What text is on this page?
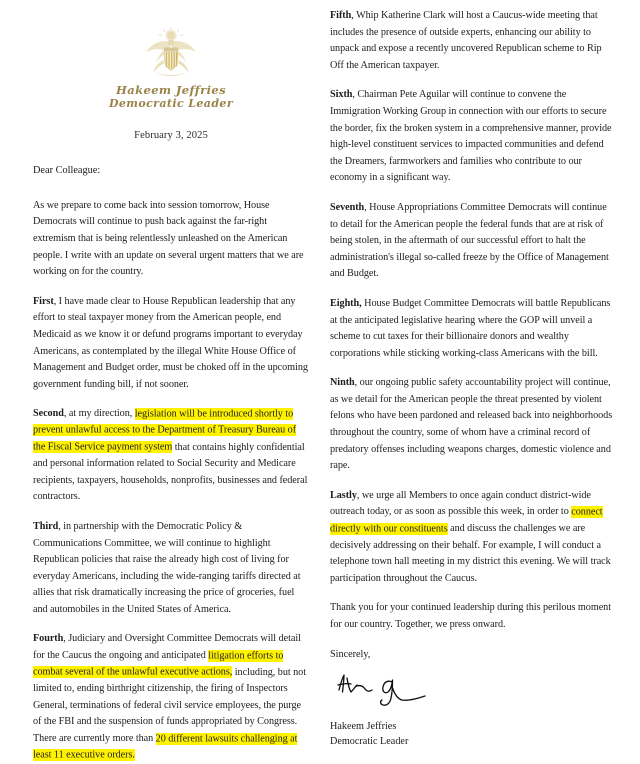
Hakeem Jeffries
Democratic Leader
February 3, 2025
Dear Colleague:

As we prepare to come back into session tomorrow, House Democrats will continue to push back against the far-right extremism that is being relentlessly unleashed on the American people. I write with an update on several urgent matters that we are working on for the country.

First, I have made clear to House Republican leadership that any effort to steal taxpayer money from the American people, end Medicaid as we know it or defund programs important to everyday Americans, as contemplated by the illegal White House Office of Management and Budget order, must be choked off in the upcoming government funding bill, if not sooner.

Second, at my direction, legislation will be introduced shortly to prevent unlawful access to the Department of Treasury Bureau of the Fiscal Service payment system that contains highly confidential and personal information related to Social Security and Medicare recipients, taxpayers, households, nonprofits, businesses and federal contractors.

Third, in partnership with the Democratic Policy & Communications Committee, we will continue to highlight Republican policies that raise the already high cost of living for everyday Americans, including the wide-ranging tariffs directed at allies that risk dramatically increasing the price of groceries, fuel and automobiles in the United States of America.

Fourth, Judiciary and Oversight Committee Democrats will detail for the Caucus the ongoing and anticipated litigation efforts to combat several of the unlawful executive actions, including, but not limited to, ending birthright citizenship, the firing of Inspectors General, terminations of federal civil service employees, the purge of the FBI and the suspension of funds appropriated by Congress. There are currently more than 20 different lawsuits challenging at least 11 executive orders.

Fifth, Whip Katherine Clark will host a Caucus-wide meeting that includes the presence of outside experts, enhancing our ability to unpack and expose a recently uncovered Republican scheme to Rip Off the American taxpayer.

Sixth, Chairman Pete Aguilar will continue to convene the Immigration Working Group in connection with our efforts to secure the border, fix the broken system in a comprehensive manner, provide high-level constituent services to impacted communities and defend the Dreamers, farmworkers and families who contribute to our economy in a significant way.

Seventh, House Appropriations Committee Democrats will continue to detail for the American people the federal funds that are at risk of being stolen, in the aftermath of our successful effort to halt the administration's illegal so-called freeze by the Office of Management and Budget.

Eighth, House Budget Committee Democrats will battle Republicans at the anticipated legislative hearing where the GOP will unveil a scheme to cut taxes for their billionaire donors and wealthy corporations while sticking working-class Americans with the bill.

Ninth, our ongoing public safety accountability project will continue, as we detail for the American people the threat presented by violent felons who have been pardoned and released back into neighborhoods throughout the country, some of whom have a criminal record of predatory offenses including weapons charges, domestic violence and rape.

Lastly, we urge all Members to once again conduct district-wide outreach today, or as soon as possible this week, in order to connect directly with our constituents and discuss the challenges we are decisively addressing on their behalf. For example, I will conduct a telephone town hall meeting in my district this evening. We will track participation throughout the Caucus.

Thank you for your continued leadership during this perilous moment for our country. Together, we press onward.

Sincerely,
Hakeem Jeffries
Democratic Leader
